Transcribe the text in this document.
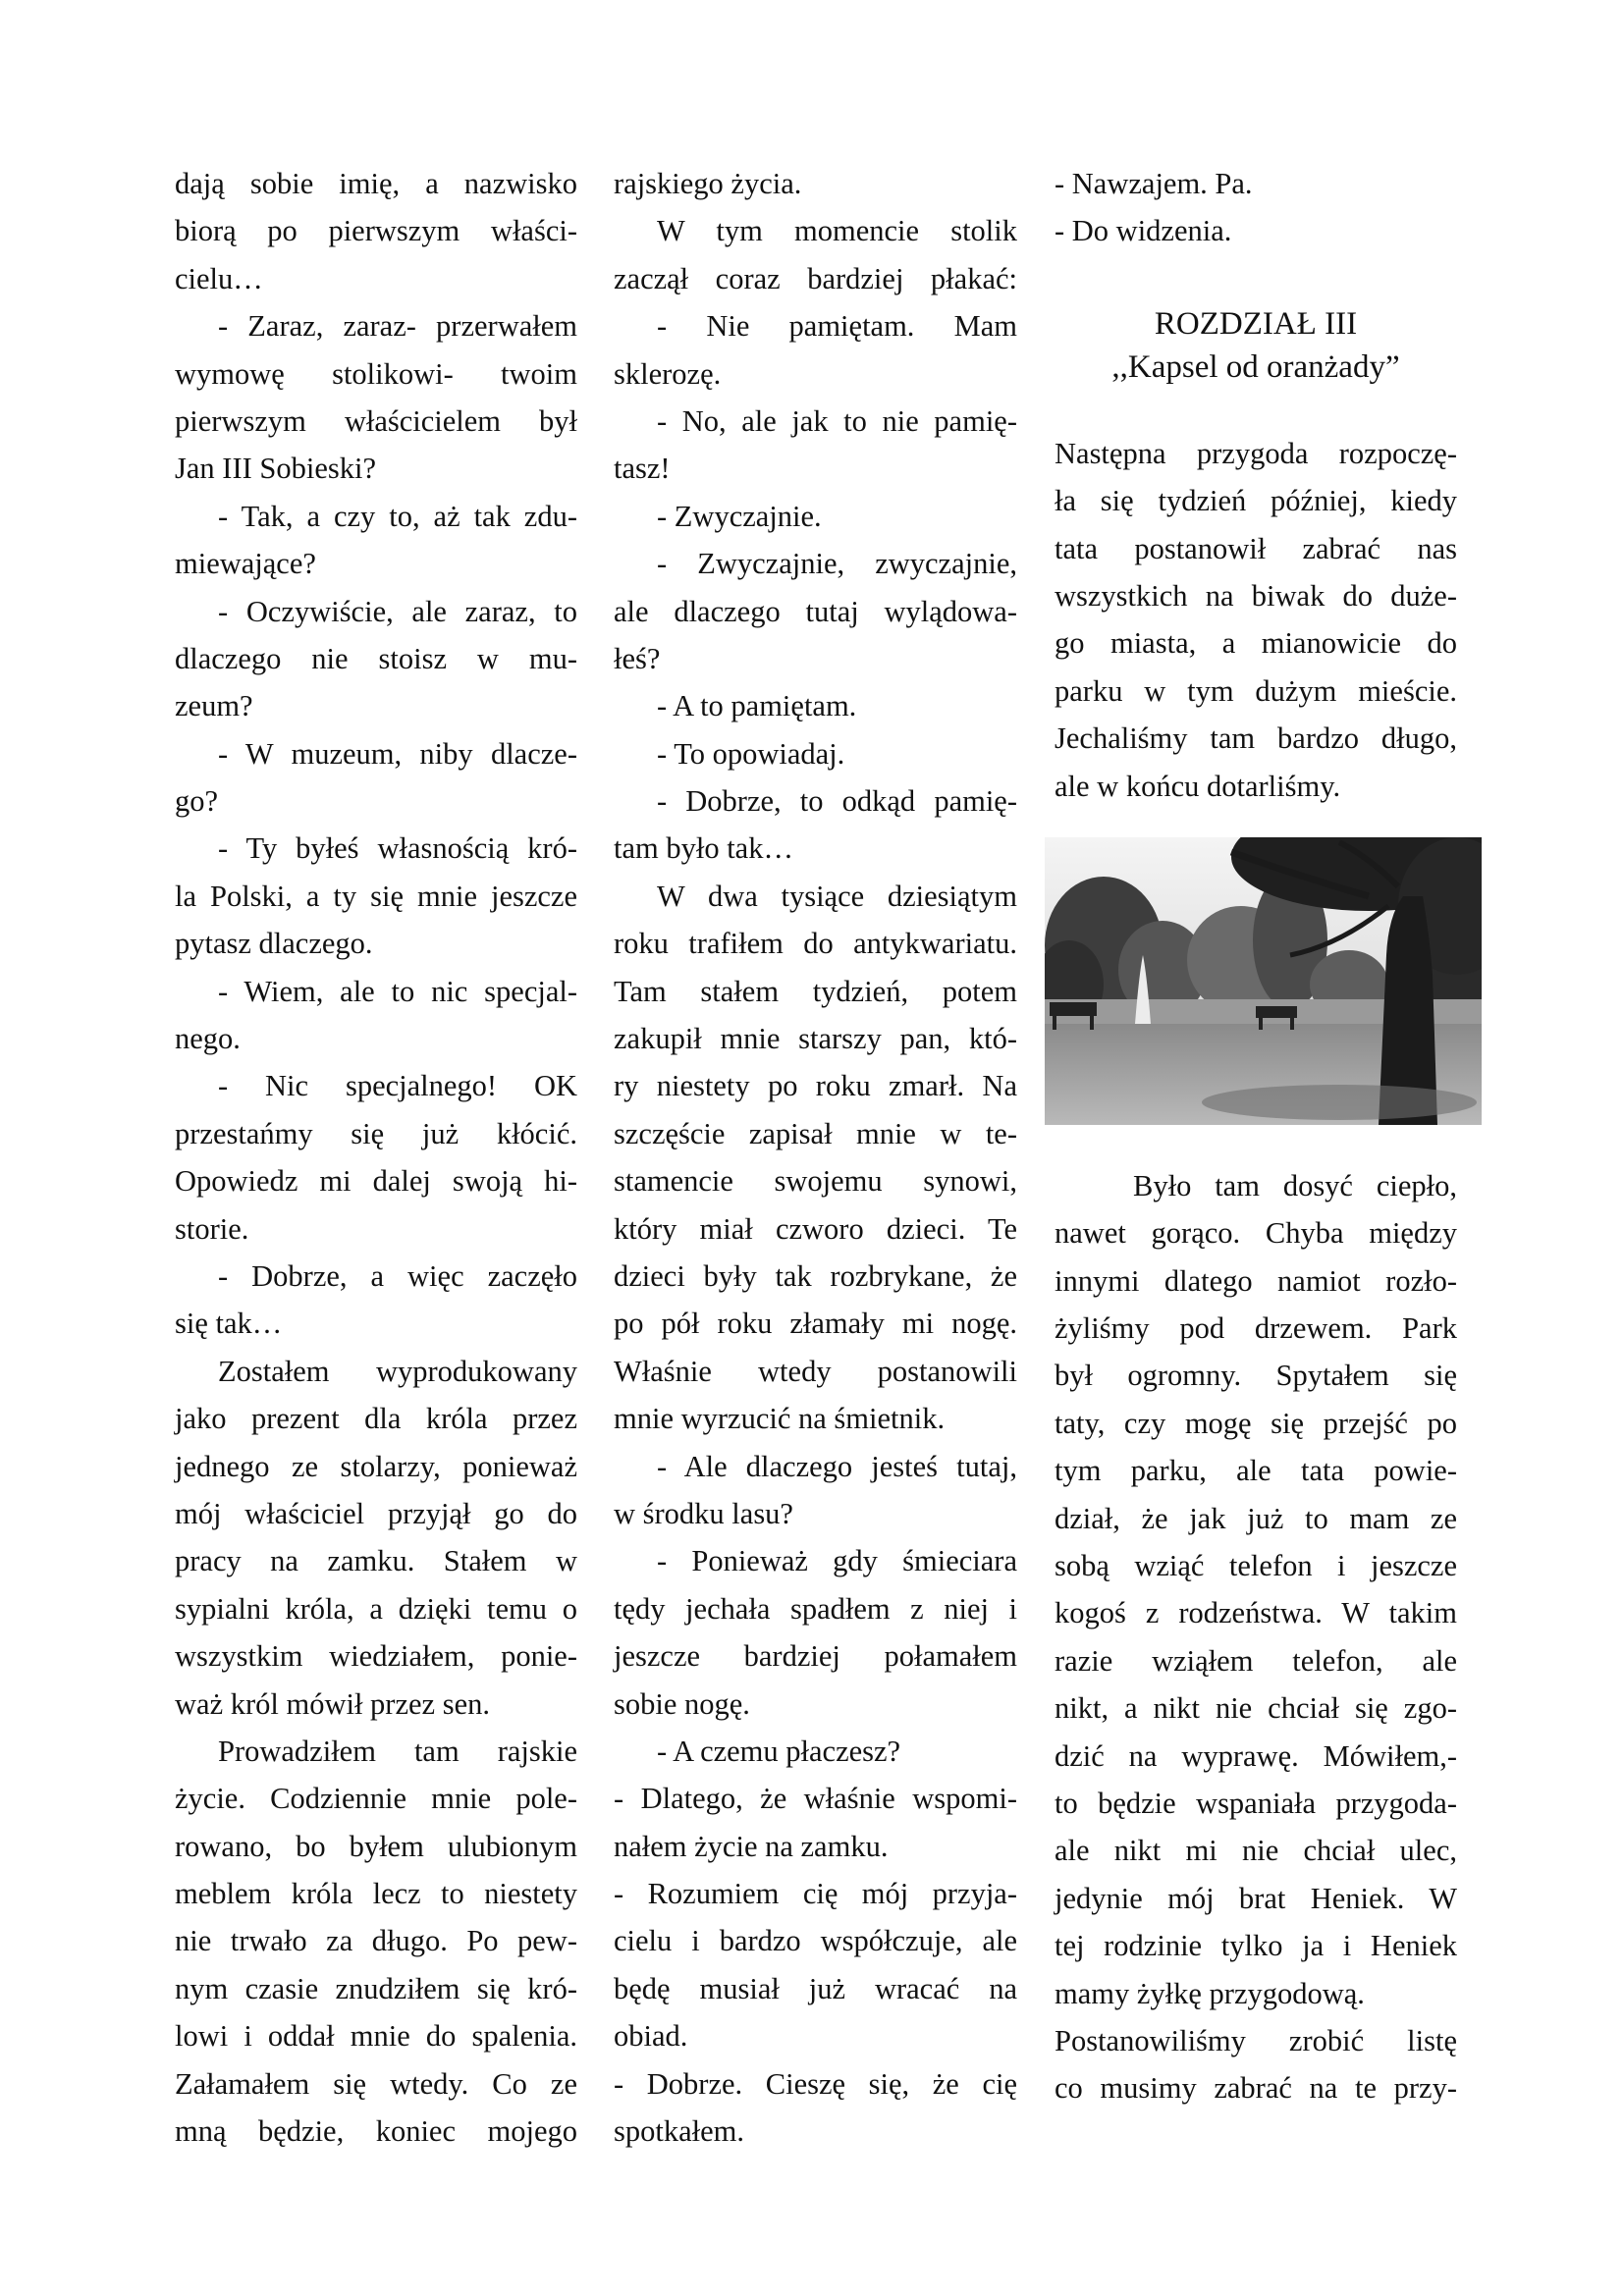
dają sobie imię, a nazwisko
biorą po pierwszym właści-
cielu…
- Zaraz, zaraz- przerwałem
wymowę stolikowi- twoim
pierwszym właścicielem był
Jan III Sobieski?
- Tak, a czy to, aż tak zdu-
miewające?
- Oczywiście, ale zaraz, to
dlaczego nie stoisz w mu-
zeum?
- W muzeum, niby dlacze-
go?
- Ty byłeś własnością kró-
la Polski, a ty się mnie jeszcze
pytasz dlaczego.
- Wiem, ale to nic specjal-
nego.
- Nic specjalnego! OK
przestańmy się już kłócić.
Opowiedz mi dalej swoją hi-
storie.
- Dobrze, a więc zaczęło
się tak…
Zostałem wyprodukowany
jako prezent dla króla przez
jednego ze stolarzy, ponieważ
mój właściciel przyjął go do
pracy na zamku. Stałem w
sypialni króla, a dzięki temu o
wszystkim wiedziałem, ponie-
waż król mówił przez sen.
Prowadziłem tam rajskie
życie. Codziennie mnie pole-
rowano, bo byłem ulubionym
meblem króla lecz to niestety
nie trwało za długo. Po pew-
nym czasie znudziłem się kró-
lowi i oddał mnie do spalenia.
Załamałem się wtedy. Co ze
mną będzie, koniec mojego
rajskiego życia.
W tym momencie stolik
zaczął coraz bardziej płakać:
- Nie pamiętam. Mam
sklerozę.
- No, ale jak to nie pamię-
tasz!
- Zwyczajnie.
- Zwyczajnie, zwyczajnie,
ale dlaczego tutaj wylądowa-
łeś?
- A to pamiętam.
- To opowiadaj.
- Dobrze, to odkąd pamię-
tam było tak…
W dwa tysiące dziesiątym
roku trafiłem do antykwariatu.
Tam stałem tydzień, potem
zakupił mnie starszy pan, któ-
ry niestety po roku zmarł. Na
szczęście zapisał mnie w te-
stamencie swojemu synowi,
który miał czworo dzieci. Te
dzieci były tak rozbrykane, że
po pół roku złamały mi nogę.
Właśnie wtedy postanowili
mnie wyrzucić na śmietnik.
- Ale dlaczego jesteś tutaj,
w środku lasu?
- Ponieważ gdy śmieciara
tędy jechała spadłem z niej i
jeszcze bardziej połamałem
sobie nogę.
- A czemu płaczesz?
- Dlatego, że właśnie wspomi-
nałem życie na zamku.
- Rozumiem cię mój przyja-
cielu i bardzo współczuje, ale
będę musiał już wracać na
obiad.
- Dobrze. Cieszę się, że cię
spotkałem.
- Nawzajem. Pa.
- Do widzenia.
ROZDZIAŁ III
,,Kapsel od oranżady”
Następna przygoda rozpoczę-
ła się tydzień później, kiedy
tata postanowił zabrać nas
wszystkich na biwak do duże-
go miasta, a mianowicie do
parku w tym dużym mieście.
Jechaliśmy tam bardzo długo,
ale w końcu dotarliśmy.
Było tam dosyć ciepło,
nawet gorąco. Chyba między
innymi dlatego namiot rozło-
żyliśmy pod drzewem. Park
był ogromny. Spytałem się
taty, czy mogę się przejść po
tym parku, ale tata powie-
dział, że jak już to mam ze
sobą wziąć telefon i jeszcze
kogoś z rodzeństwa. W takim
razie wziąłem telefon, ale
nikt, a nikt nie chciał się zgo-
dzić na wyprawę. Mówiłem,-
to będzie wspaniała przygoda-
ale nikt mi nie chciał ulec,
jedynie mój brat Heniek. W
tej rodzinie tylko ja i Heniek
mamy żyłkę przygodową.
Postanowiliśmy zrobić listę
co musimy zabrać na te przy-
